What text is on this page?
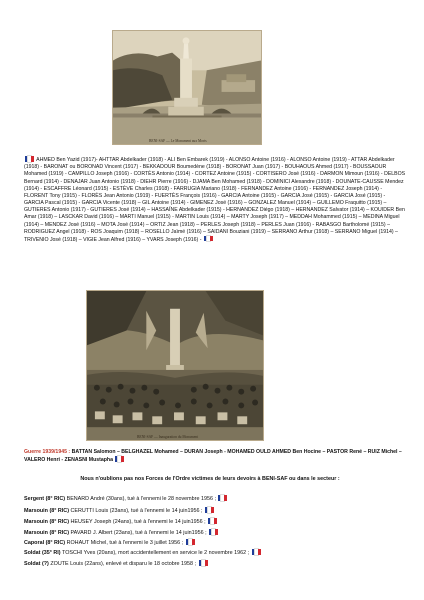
BENI-SAF — Le Monument aux Morts
AHMED Ben Yazid (1917)- AHTTAR Abdelkader (1918) - ALI Ben Embarek (1919) - ALONSO Antoine (1916) - ALONSO Antoine (1919) - ATTAR Abdelkader (1918) - BARONAT ou BORONAD Vincent (1917) - BEKKADOUR Boumedène (1918) - BORONAT Juan (1917) - BOUHAOUS Ahmed (1917) - BOUSSAOUR Mohamed (1919) - CAMPILLO Joseph (1916) - CORTÈS Antonio (1914) - CORTEZ Antoine (1915) - CORTISERO José (1916) - DARMON Mimoun (1916) - DELBOS Bernard (1914) - DENAJAR Juan Antonio (1918) - DIEHR Pierre (1916) - DJAMA Ben Mohamed (1918) - DOMINICI Alexandre (1918) - DOUNATE-CAUSSE Mendez (1914) - ESCAFFRE Léonard (1915) - ESTÈVE Charles (1918) - FARRUGIA Mariano (1918) - FERNANDEZ Antoine (1916) - FERNANDEZ Joseph (1914) - FLORENT Tony (1915) - FLORÈS Jean Antonio (1919) - FUERTÈS François (1916) - GARCIA Antoine (1915) - GARCIA José (1915) - GARCIA José (1915) - GARCIA Pascal (1915) - GARCIA Vicente (1918) – GIL Antoine (1914) - GIMENEZ José (1916) – GONZALEZ Manuel (1914) – GUILLEMO Fraquitto (1915) – GUTIERES Antonio (1917) - GUTIERES José (1914) – HASSAÏNE Abdelkader (1915) - HERNANDEZ Diégo (1918) – HERNANDEZ Salvator (1914) – KOUIDER Ben Amar (1918) – LASCKAR David (1916) – MARTI Manuel (1915) - MARTIN Louis (1914) – MARTY Joseph (1917) – MEDDAH Mohammed (1915) – MEDINA Miguel (1914) – MENDEZ José (1916) – MOTA José (1914) – ORTIZ Jean (1918) – PERLES Joseph (1918) – PERLES Juan (1916) - RABASGO Bartholomé (1915) – RODRIGUEZ Angel (1918) - ROS Joaquim (1918) – ROSELLO Jaïmé (1916) – SAIDANI Bouziani (1919) – SERRANO Arthur (1918) – SERRANO Miguel (1914) – TRIVENIO José (1918) – VIGIE Jean Alfred (1916) – YVARS Joseph (1916) -
BENI-SAF — Inauguration du Monument
Guerre 1939/1945 : BATTAN Salomon – BELGHAZEL Mohamed – DURAN Joseph - MOHAMED OULD AHMED Ben Hocine – PASTOR René – RUIZ Michel – VALERO Henri - ZENASNI Mustapha
Nous n'oublions pas nos Forces de l'Ordre victimes de leurs devoirs à BENI-SAF ou dans le secteur :
Sergent (8° RIC) BENARD André (30ans), tué à l'ennemi le 28 novembre 1956 ;
Marsouin (8° RIC) CERUTTI Louis (23ans), tué à l'ennemi le 14 juin1956 ;
Marsouin (8° RIC) HEUSEY Joseph (24ans), tué à l'ennemi le 14 juin1956 ;
Marsouin (8° RIC) PAVARD J. Albert (23ans), tué à l'ennemi le 14 juin1956 ;
Caporal (8° RIC) ROHAUT Michel, tué à l'ennemi le 3 juillet 1956 ;
Soldat (35° RI) TOSCHI Yves (20ans), mort accidentellement en service le 2 novembre 1962 ;
Soldat (?) ZOUTE Louis (22ans), enlevé et disparu le 18 octobre 1958 ;
